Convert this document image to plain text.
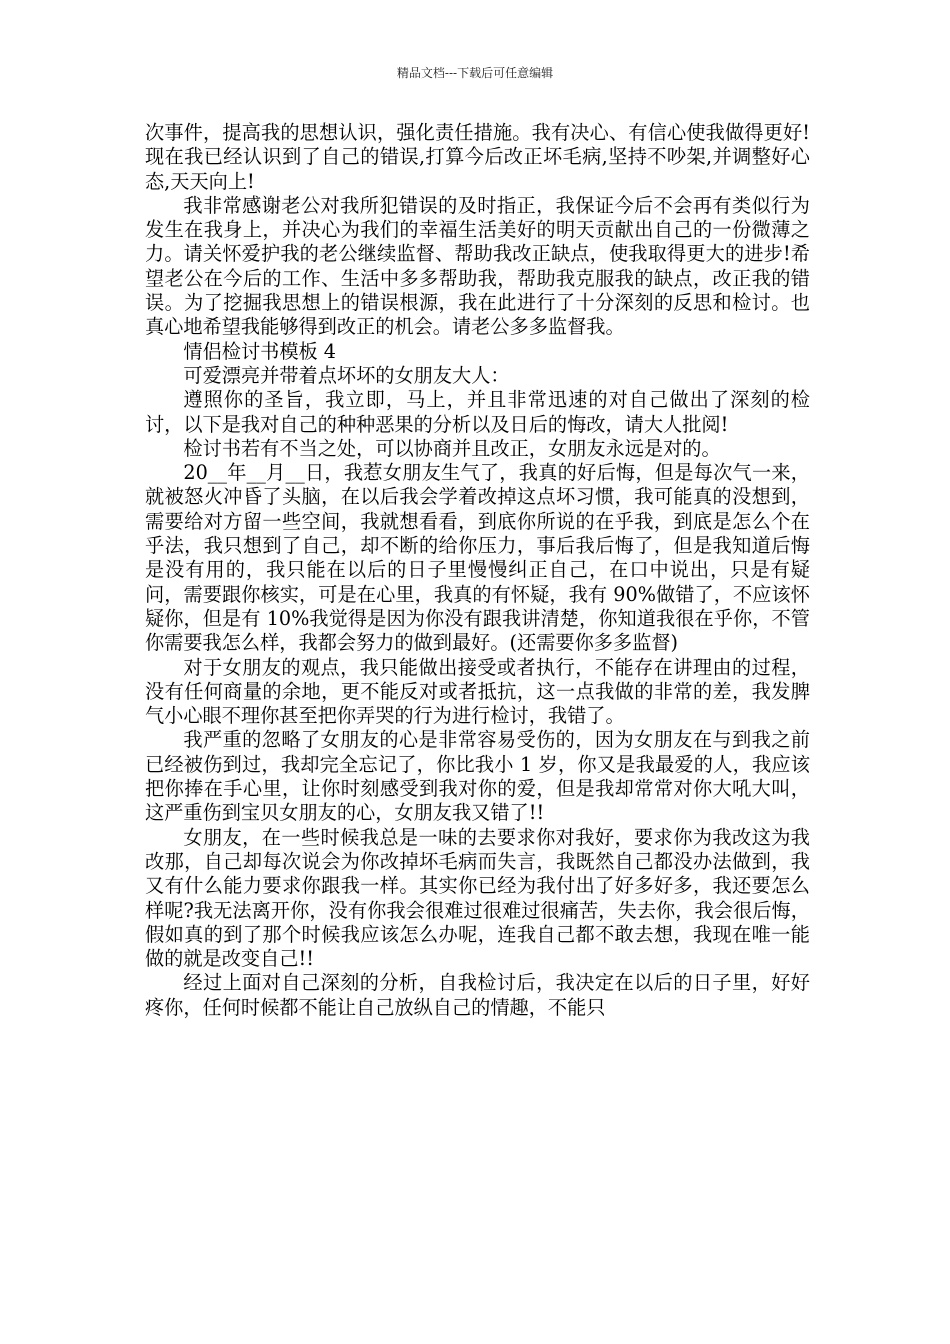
精品文档---下载后可任意编辑

次事件，提高我的思想认识，强化责任措施。我有决心、有信心使我做得更好!现在我已经认识到了自己的错误,打算今后改正坏毛病,坚持不吵架,并调整好心态,天天向上!

我非常感谢老公对我所犯错误的及时指正，我保证今后不会再有类似行为发生在我身上，并决心为我们的幸福生活美好的明天贡献出自己的一份微薄之力。请关怀爱护我的老公继续监督、帮助我改正缺点，使我取得更大的进步!希望老公在今后的工作、生活中多多帮助我，帮助我克服我的缺点，改正我的错误。为了挖掘我思想上的错误根源，我在此进行了十分深刻的反思和检讨。也真心地希望我能够得到改正的机会。请老公多多监督我。

情侣检讨书模板 4

可爱漂亮并带着点坏坏的女朋友大人：

遵照你的圣旨，我立即，马上，并且非常迅速的对自己做出了深刻的检讨，以下是我对自己的种种恶果的分析以及日后的悔改，请大人批阅!

检讨书若有不当之处，可以协商并且改正，女朋友永远是对的。

20__年__月__日，我惹女朋友生气了，我真的好后悔，但是每次气一来，就被怒火冲昏了头脑，在以后我会学着改掉这点坏习惯，我可能真的没想到，需要给对方留一些空间，我就想看看，到底你所说的在乎我，到底是怎么个在乎法，我只想到了自己，却不断的给你压力，事后我后悔了，但是我知道后悔是没有用的，我只能在以后的日子里慢慢纠正自己，在口中说出，只是有疑问，需要跟你核实，可是在心里，我真的有怀疑，我有 90%做错了，不应该怀疑你，但是有 10%我觉得是因为你没有跟我讲清楚，你知道我很在乎你，不管你需要我怎么样，我都会努力的做到最好。(还需要你多多监督)

对于女朋友的观点，我只能做出接受或者执行，不能存在讲理由的过程，没有任何商量的余地，更不能反对或者抵抗，这一点我做的非常的差，我发脾气小心眼不理你甚至把你弄哭的行为进行检讨，我错了。

我严重的忽略了女朋友的心是非常容易受伤的，因为女朋友在与到我之前已经被伤到过，我却完全忘记了，你比我小 1 岁，你又是我最爱的人，我应该把你捧在手心里，让你时刻感受到我对你的爱，但是我却常常对你大吼大叫，这严重伤到宝贝女朋友的心，女朋友我又错了!!

女朋友，在一些时候我总是一味的去要求你对我好，要求你为我改这为我改那，自己却每次说会为你改掉坏毛病而失言，我既然自己都没办法做到，我又有什么能力要求你跟我一样。其实你已经为我付出了好多好多，我还要怎么样呢?我无法离开你，没有你我会很难过很难过很痛苦，失去你，我会很后悔，假如真的到了那个时候我应该怎么办呢，连我自己都不敢去想，我现在唯一能做的就是改变自己!!

经过上面对自己深刻的分析，自我检讨后，我决定在以后的日子里，好好疼你，任何时候都不能让自己放纵自己的情趣，不能只
